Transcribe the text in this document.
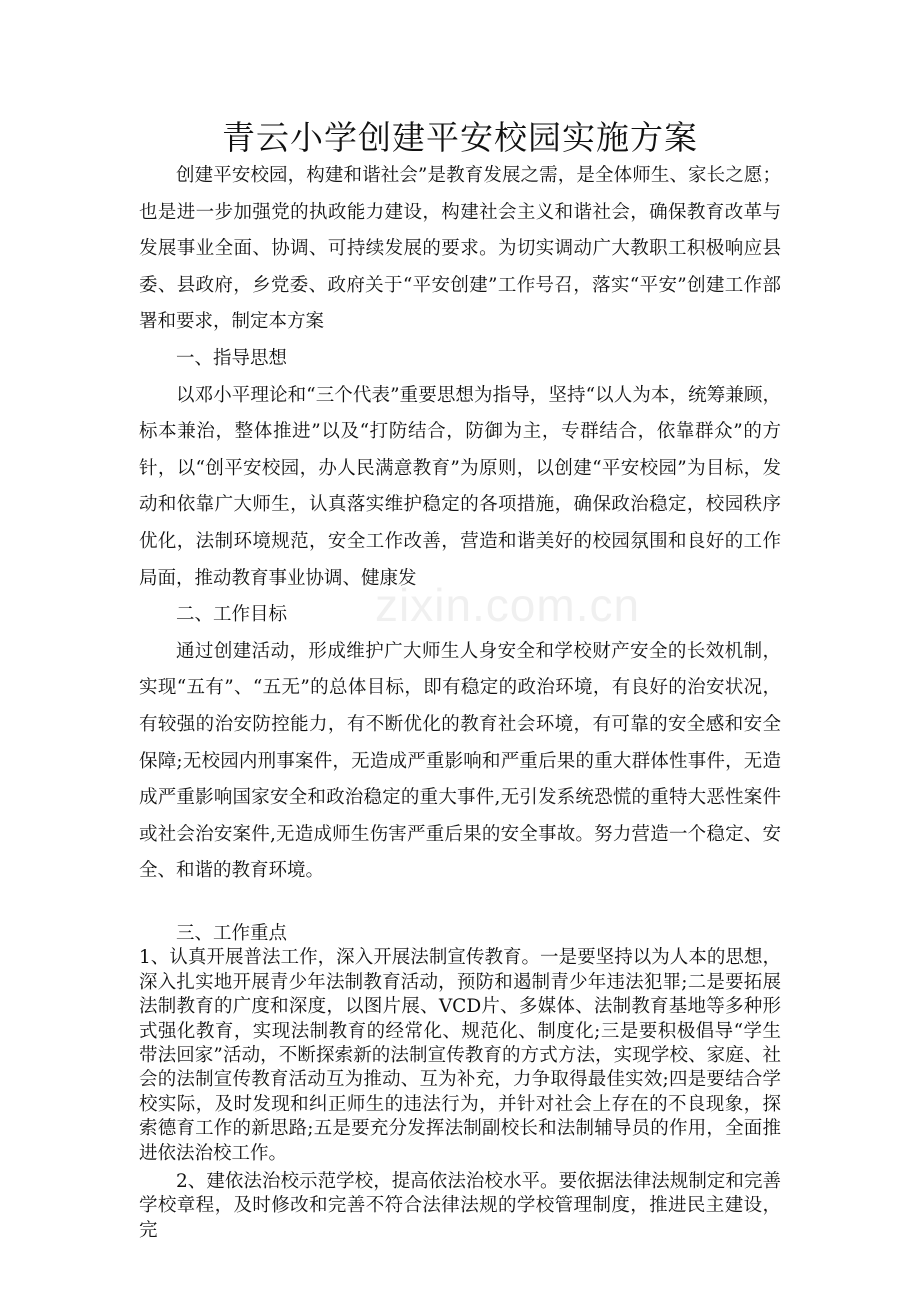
zixin.com.cn
青云小学创建平安校园实施方案

创建平安校园，构建和谐社会”是教育发展之需，是全体师生、家长之愿；也是进一步加强党的执政能力建设，构建社会主义和谐社会，确保教育改革与发展事业全面、协调、可持续发展的要求。为切实调动广大教职工积极响应县委、县政府，乡党委、政府关于“平安创建”工作号召，落实“平安”创建工作部署和要求，制定本方案

一、指导思想

以邓小平理论和“三个代表”重要思想为指导，坚持“以人为本，统筹兼顾，标本兼治，整体推进”以及“打防结合，防御为主，专群结合，依靠群众”的方针，以“创平安校园，办人民满意教育”为原则，以创建“平安校园”为目标，发动和依靠广大师生，认真落实维护稳定的各项措施，确保政治稳定，校园秩序优化，法制环境规范，安全工作改善，营造和谐美好的校园氛围和良好的工作局面，推动教育事业协调、健康发

二、工作目标

通过创建活动，形成维护广大师生人身安全和学校财产安全的长效机制，实现“五有”、“五无”的总体目标，即有稳定的政治环境，有良好的治安状况，有较强的治安防控能力，有不断优化的教育社会环境，有可靠的安全感和安全保障;无校园内刑事案件，无造成严重影响和严重后果的重大群体性事件，无造成严重影响国家安全和政治稳定的重大事件,无引发系统恐慌的重特大恶性案件或社会治安案件,无造成师生伤害严重后果的安全事故。努力营造一个稳定、安全、和谐的教育环境。

三、工作重点

1、认真开展普法工作，深入开展法制宣传教育。一是要坚持以为人本的思想，深入扎实地开展青少年法制教育活动，预防和遏制青少年违法犯罪;二是要拓展法制教育的广度和深度，以图片展、VCD片、多媒体、法制教育基地等多种形式强化教育，实现法制教育的经常化、规范化、制度化;三是要积极倡导“学生带法回家”活动，不断探索新的法制宣传教育的方式方法，实现学校、家庭、社会的法制宣传教育活动互为推动、互为补充，力争取得最佳实效;四是要结合学校实际，及时发现和纠正师生的违法行为，并针对社会上存在的不良现象，探索德育工作的新思路;五是要充分发挥法制副校长和法制辅导员的作用，全面推进依法治校工作。

2、建依法治校示范学校，提高依法治校水平。要依据法律法规制定和完善学校章程，及时修改和完善不符合法律法规的学校管理制度，推进民主建设，完
